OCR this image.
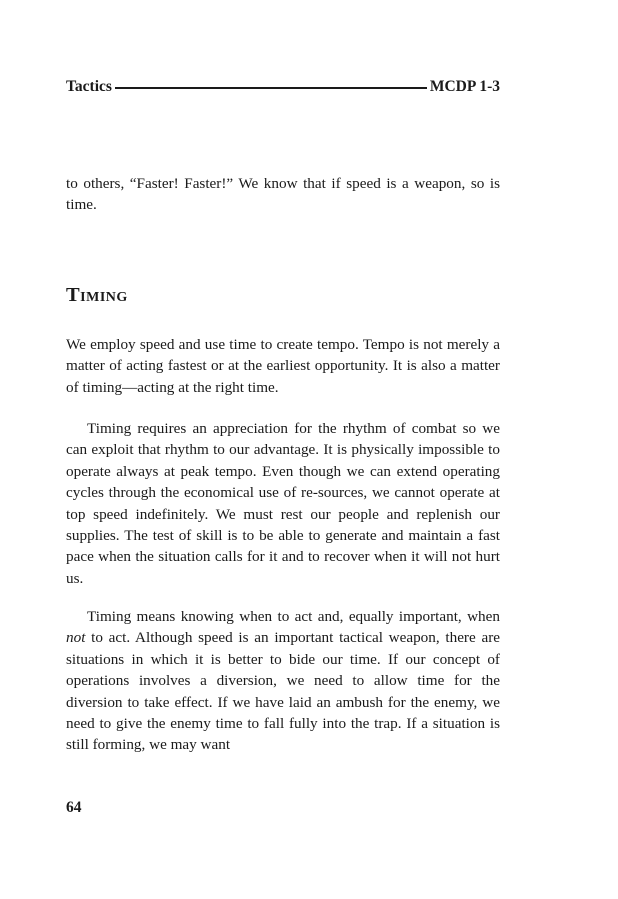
Tactics	MCDP 1-3

to others, “Faster! Faster!” We know that if speed is a weapon, so is time.

Timing

We employ speed and use time to create tempo. Tempo is not merely a matter of acting fastest or at the earliest opportunity. It is also a matter of timing—acting at the right time.

Timing requires an appreciation for the rhythm of combat so we can exploit that rhythm to our advantage. It is physically impossible to operate always at peak tempo. Even though we can extend operating cycles through the economical use of re-sources, we cannot operate at top speed indefinitely. We must rest our people and replenish our supplies. The test of skill is to be able to generate and maintain a fast pace when the situation calls for it and to recover when it will not hurt us.

Timing means knowing when to act and, equally important, when not to act. Although speed is an important tactical weapon, there are situations in which it is better to bide our time. If our concept of operations involves a diversion, we need to allow time for the diversion to take effect. If we have laid an ambush for the enemy, we need to give the enemy time to fall fully into the trap. If a situation is still forming, we may want

64
